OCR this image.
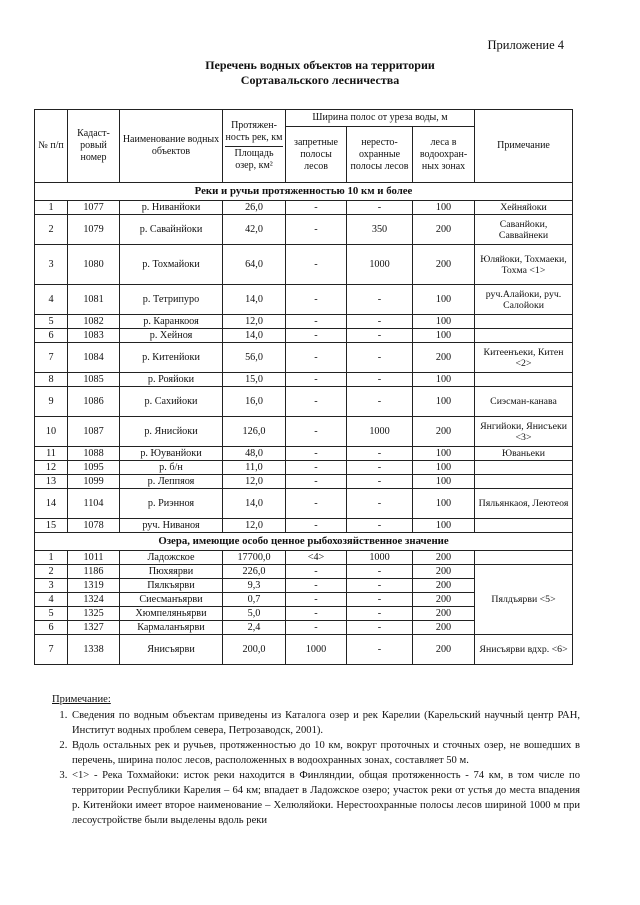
Приложение 4
Перечень водных объектов на территории
Сортавальского лесничества
№ п/п	Кадаст-ровый номер	Наименование водных объектов	Протяжен-ность рек, км
Площадь озер, км²	Ширина полос от уреза воды, м			Примечание
				запретные полосы лесов	нересто-охранные полосы лесов	леса в водоохран-ных зонах	
Реки и ручьи протяженностью 10 км и более							
1	1077	р. Ниванйоки	26,0	-	-	100	Хейняйоки
2	1079	р. Савайнйоки	42,0	-	350	200	Саванйоки, Саввайнеки
3	1080	р. Тохмайоки	64,0	-	1000	200	Юляйоки, Тохмаеки, Тохма <1>
4	1081	р. Тетрипуро	14,0	-	-	100	руч.Алайоки, руч. Салойоки
5	1082	р. Каранкооя	12,0	-	-	100	
6	1083	р. Хейноя	14,0	-	-	100	
7	1084	р. Китенйоки	56,0	-	-	200	Китеенъеки, Китен <2>
8	1085	р. Рояйоки	15,0	-	-	100	
9	1086	р. Сахийоки	16,0	-	-	100	Сиэсман-канава
10	1087	р. Янисйоки	126,0	-	1000	200	Янгийоки, Янисъеки <3>
11	1088	р. Юуванйоки	48,0	-	-	100	Юваньеки
12	1095	р. б/н	11,0	-	-	100	
13	1099	р. Леппяоя	12,0	-	-	100	
14	1104	р. Риэнноя	14,0	-	-	100	Пяльянкаоя, Леютеоя
15	1078	руч. Ниваноя	12,0	-	-	100	
Озера, имеющие особо ценное рыбохозяйственное значение							
1	1011	Ладожское	17700,0	<4>	1000	200	
2	1186	Пюхяярви	226,0	-	-	200	Пялдъярви <5>
3	1319	Пялкъярви	9,3	-	-	200	
4	1324	Сиесманъярви	0,7	-	-	200	
5	1325	Хюмпеляньярви	5,0	-	-	200	
6	1327	Кармаланъярви	2,4	-	-	200	
7	1338	Янисъярви	200,0	1000	-	200	Янисъярви вдхр. <6>
Примечание:
1. Сведения по водным объектам приведены из Каталога озер и рек Карелии (Карельский научный центр РАН, Институт водных проблем севера, Петрозаводск, 2001).
2. Вдоль остальных рек и ручьев, протяженностью до 10 км, вокруг проточных и сточных озер, не вошедших в перечень, ширина полос лесов, расположенных в водоохранных зонах, составляет 50 м.
3. <1> - Река Тохмайоки: исток реки находится в Финляндии, общая протяженность - 74 км, в том числе по территории Республики Карелия – 64 км; впадает в Ладожское озеро; участок реки от устья до места впадения р. Китенйоки имеет второе наименование – Хелюляйоки. Нерестоохранные полосы лесов шириной 1000 м при лесоустройстве были выделены вдоль реки
